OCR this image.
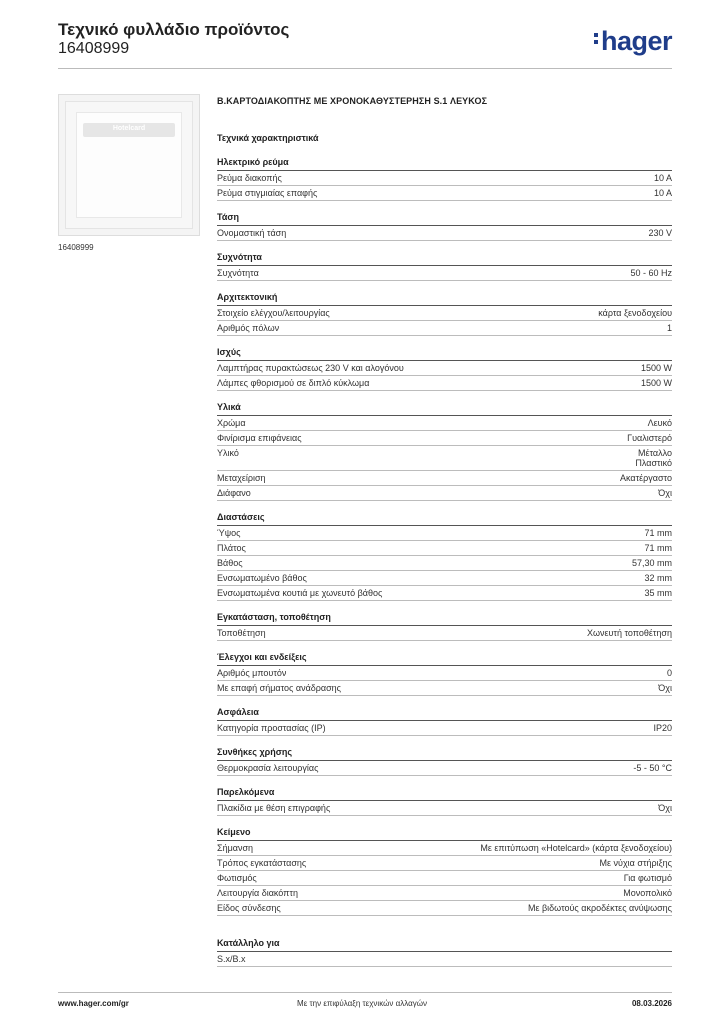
Τεχνικό φυλλάδιο προϊόντος
16408999	hager
Hotelcard
16408999
Β.ΚΑΡΤΟΔΙΑΚΟΠΤΗΣ ΜΕ ΧΡΟΝΟΚΑΘΥΣΤΕΡΗΣΗ S.1 ΛΕΥΚΟΣ
Τεχνικά χαρακτηριστικά
Ηλεκτρικό ρεύμα
Ρεύμα διακοπής	10 A
Ρεύμα στιγμιαίας επαφής	10 A
Τάση
Ονομαστική τάση	230 V
Συχνότητα
Συχνότητα	50 - 60 Hz
Αρχιτεκτονική
Στοιχείο ελέγχου/λειτουργίας	κάρτα ξενοδοχείου
Αριθμός πόλων	1
Ισχύς
Λαμπτήρας πυρακτώσεως 230 V και αλογόνου	1500 W
Λάμπες φθορισμού σε διπλό κύκλωμα	1500 W
Υλικά
Χρώμα	Λευκό
Φινίρισμα επιφάνειας	Γυαλιστερό
Υλικό	Μέταλλο
Πλαστικό
Μεταχείριση	Ακατέργαστο
Διάφανο	Όχι
Διαστάσεις
Ύψος	71 mm
Πλάτος	71 mm
Βάθος	57,30 mm
Ενσωματωμένο βάθος	32 mm
Ενσωματωμένα κουτιά με χωνευτό βάθος	35 mm
Εγκατάσταση, τοποθέτηση
Τοποθέτηση	Χωνευτή τοποθέτηση
Έλεγχοι και ενδείξεις
Αριθμός μπουτόν	0
Με επαφή σήματος ανάδρασης	Όχι
Ασφάλεια
Κατηγορία προστασίας (IP)	IP20
Συνθήκες χρήσης
Θερμοκρασία λειτουργίας	-5 - 50 °C
Παρελκόμενα
Πλακίδια με θέση επιγραφής	Όχι
Κείμενο
Σήμανση	Με επιτύπωση «Hotelcard» (κάρτα ξενοδοχείου)
Τρόπος εγκατάστασης	Με νύχια στήριξης
Φωτισμός	Για φωτισμό
Λειτουργία διακόπτη	Μονοπολικό
Είδος σύνδεσης	Με βιδωτούς ακροδέκτες ανύψωσης
Κατάλληλο για
S.x/B.x
www.hager.com/gr	Με την επιφύλαξη τεχνικών αλλαγών	08.03.2026
